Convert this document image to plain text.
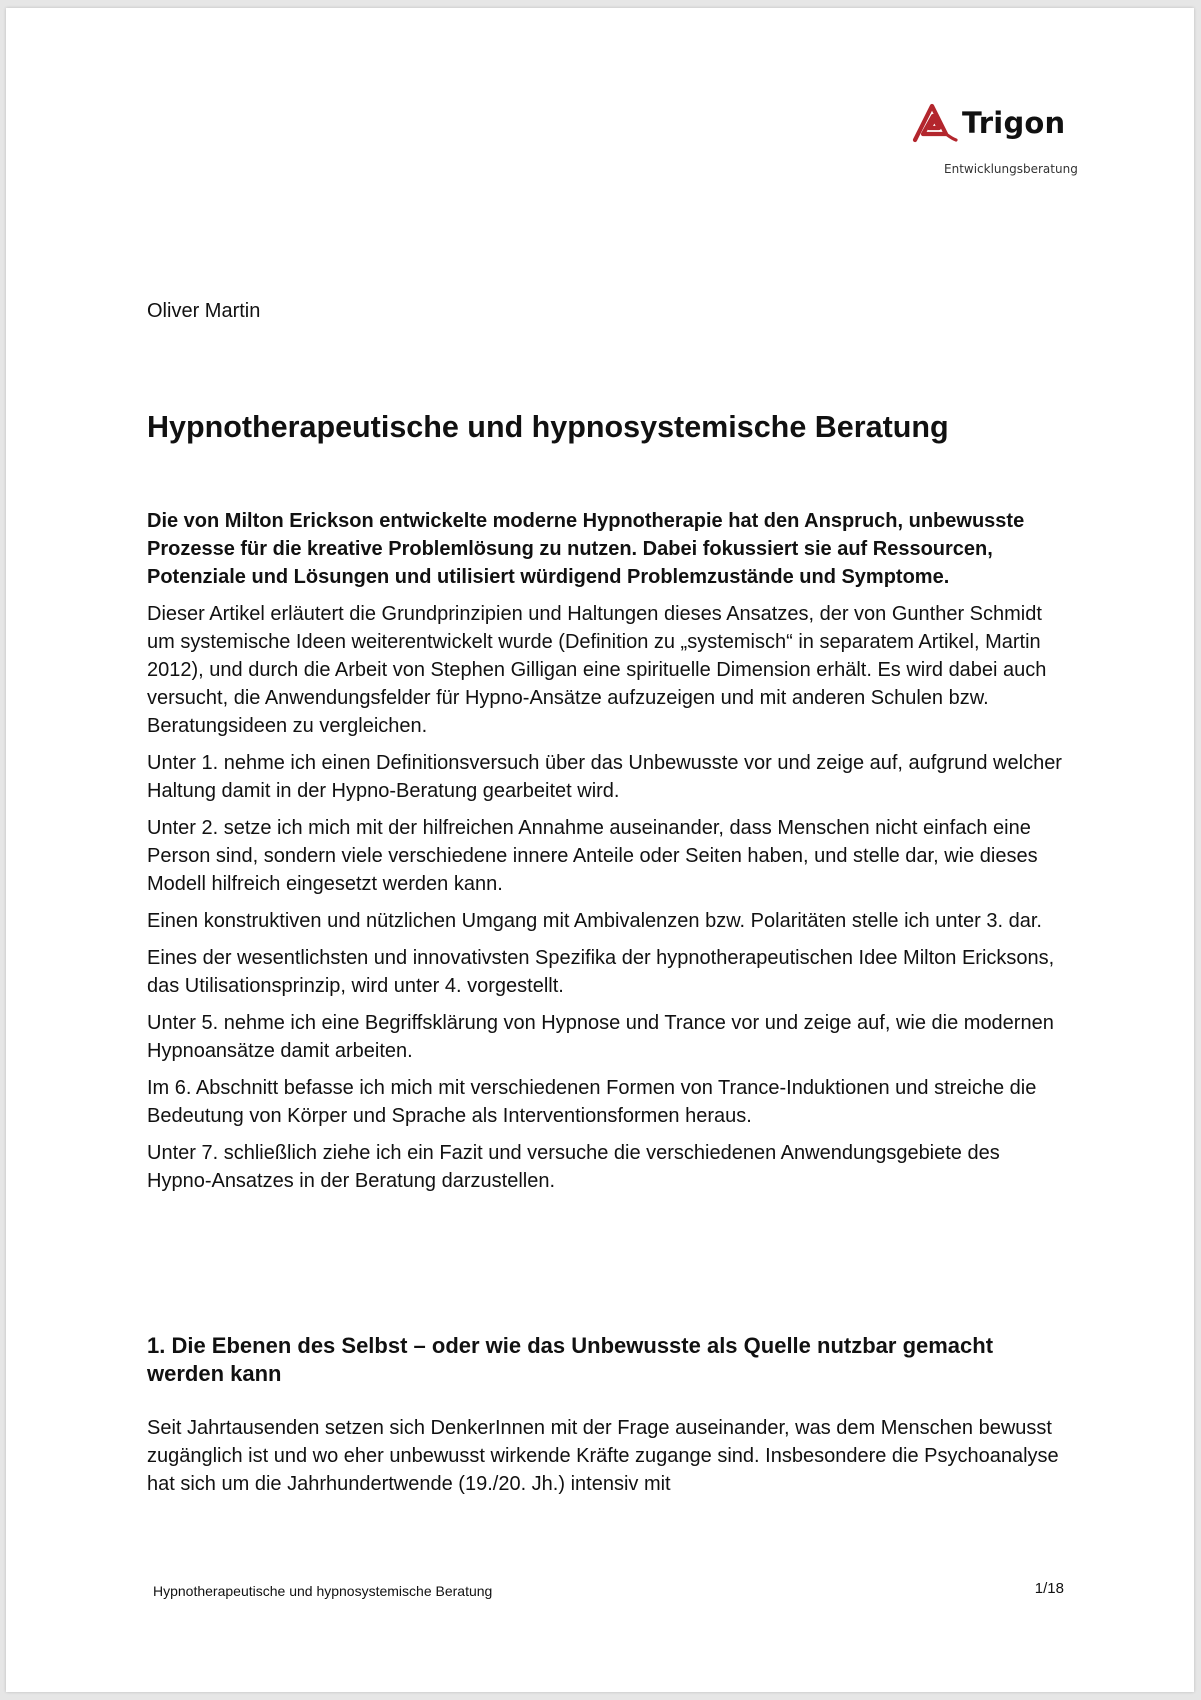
Trigon
Entwicklungsberatung

Oliver Martin

Hypnotherapeutische und hypnosystemische Beratung

Die von Milton Erickson entwickelte moderne Hypnotherapie hat den Anspruch, unbewusste Prozesse für die kreative Problemlösung zu nutzen. Dabei fokussiert sie auf Ressourcen, Potenziale und Lösungen und utilisiert würdigend Problemzustände und Symptome.

Dieser Artikel erläutert die Grundprinzipien und Haltungen dieses Ansatzes, der von Gunther Schmidt um systemische Ideen weiterentwickelt wurde (Definition zu „systemisch“ in separatem Artikel, Martin 2012), und durch die Arbeit von Stephen Gilligan eine spirituelle Dimension erhält. Es wird dabei auch versucht, die Anwendungsfelder für Hypno-Ansätze aufzuzeigen und mit anderen Schulen bzw. Beratungsideen zu vergleichen.

Unter 1. nehme ich einen Definitionsversuch über das Unbewusste vor und zeige auf, aufgrund welcher Haltung damit in der Hypno-Beratung gearbeitet wird.

Unter 2. setze ich mich mit der hilfreichen Annahme auseinander, dass Menschen nicht einfach eine Person sind, sondern viele verschiedene innere Anteile oder Seiten haben, und stelle dar, wie dieses Modell hilfreich eingesetzt werden kann.

Einen konstruktiven und nützlichen Umgang mit Ambivalenzen bzw. Polaritäten stelle ich unter 3. dar.

Eines der wesentlichsten und innovativsten Spezifika der hypnotherapeutischen Idee Milton Ericksons, das Utilisationsprinzip, wird unter 4. vorgestellt.

Unter 5. nehme ich eine Begriffsklärung von Hypnose und Trance vor und zeige auf, wie die modernen Hypnoansätze damit arbeiten.

Im 6. Abschnitt befasse ich mich mit verschiedenen Formen von Trance-Induktionen und streiche die Bedeutung von Körper und Sprache als Interventionsformen heraus.

Unter 7. schließlich ziehe ich ein Fazit und versuche die verschiedenen Anwendungsgebiete des Hypno-Ansatzes in der Beratung darzustellen.

1. Die Ebenen des Selbst – oder wie das Unbewusste als Quelle nutzbar gemacht werden kann

Seit Jahrtausenden setzen sich DenkerInnen mit der Frage auseinander, was dem Menschen bewusst zugänglich ist und wo eher unbewusst wirkende Kräfte zugange sind. Insbesondere die Psychoanalyse hat sich um die Jahrhundertwende (19./20. Jh.) intensiv mit

Hypnotherapeutische und hypnosystemische Beratung	1/18
